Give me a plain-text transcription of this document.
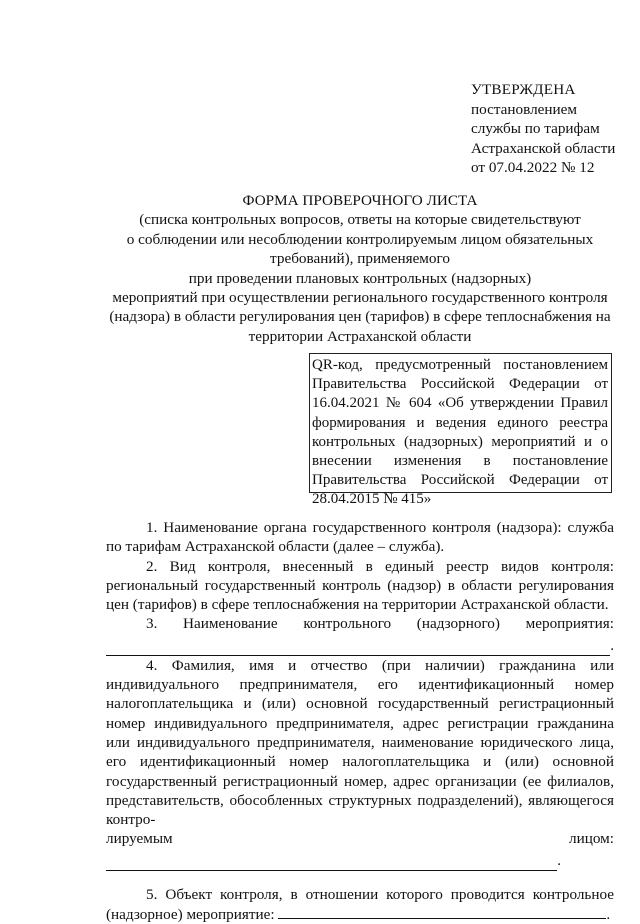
УТВЕРЖДЕНА
постановлением
службы по тарифам
Астраханской области
от 07.04.2022 № 12
ФОРМА ПРОВЕРОЧНОГО ЛИСТА
(списка контрольных вопросов, ответы на которые свидетельствуют
о соблюдении или несоблюдении контролируемым лицом обязательных
требований), применяемого
при проведении плановых контрольных (надзорных)
мероприятий при осуществлении регионального государственного контроля
(надзора) в области регулирования цен (тарифов) в сфере теплоснабжения на
территории Астраханской области
QR-код, предусмотренный постановлением Правительства Российской Федерации от 16.04.2021 № 604 «Об утверждении Правил формирования и ведения единого реестра контрольных (надзорных) мероприятий и о внесении изменения в постановление Правительства Российской Федерации от 28.04.2015 № 415»

1. Наименование органа государственного контроля (надзора): служба по тарифам Астраханской области (далее – служба).

2. Вид контроля, внесенный в единый реестр видов контроля: региональный государственный контроль (надзор) в области регулирования цен (тарифов) в сфере теплоснабжения на территории Астраханской области.

3. Наименование контрольного (надзорного) мероприятия:
.

4. Фамилия, имя и отчество (при наличии) гражданина или индивидуального предпринимателя, его идентификационный номер налогоплательщика и (или) основной государственный регистрационный номер индивидуального предпринимателя, адрес регистрации гражданина или индивидуального предпринимателя, наименование юридического лица, его идентификационный номер налогоплательщика и (или) основной государственный регистрационный номер, адрес организации (ее филиалов, представительств, обособленных структурных подразделений), являющегося контро-

лируемым	лицом:
.

5. Объект контроля, в отношении которого проводится контрольное (надзорное) мероприятие:	.
